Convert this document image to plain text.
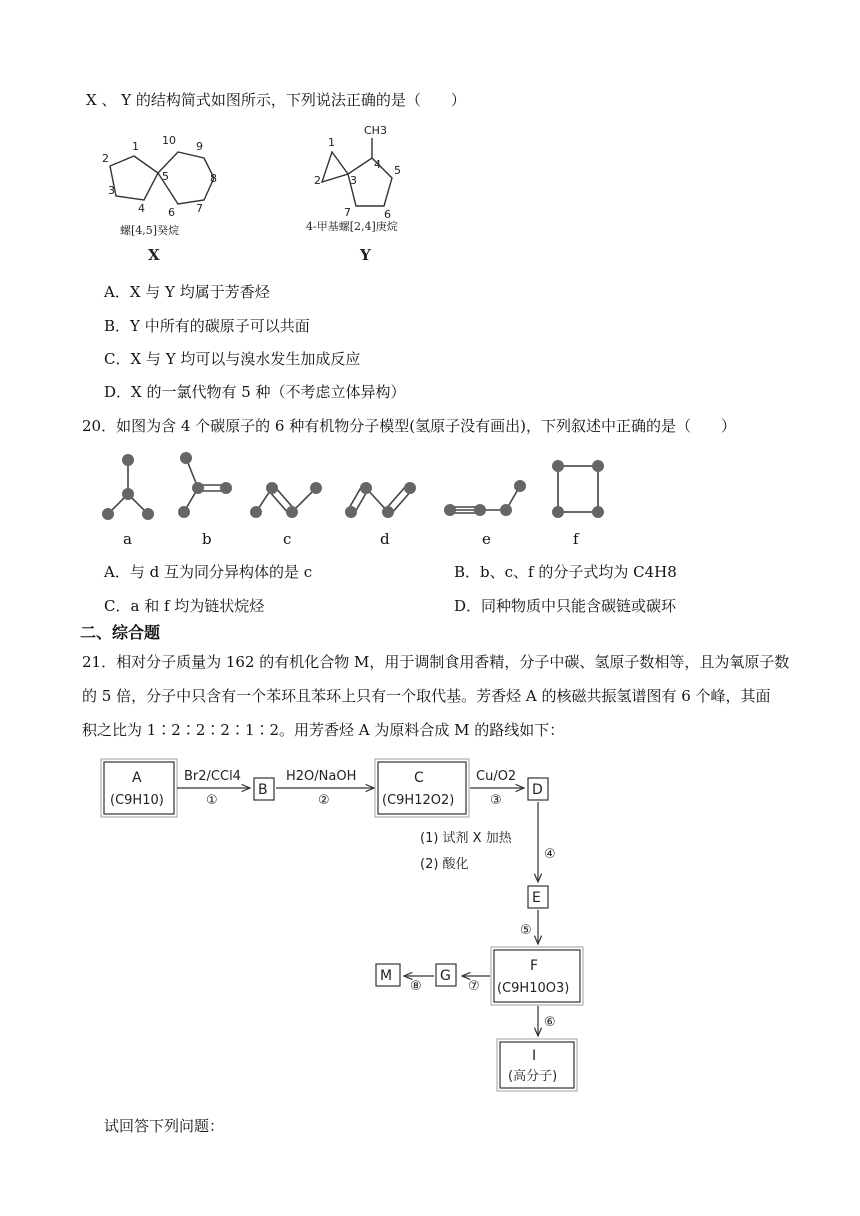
X 、 Y 的结构简式如图所示，下列说法正确的是（　　）
1
2
3
4
5
6 7
8
9
10
螺[4,5]癸烷
X
CH3
1
2	3
4 5
6
7
4-甲基螺[2,4]庚烷
Y
A．X 与 Y 均属于芳香烃
B．Y 中所有的碳原子可以共面
C．X 与 Y 均可以与溴水发生加成反应
D．X 的一氯代物有 5 种（不考虑立体异构）
20．如图为含 4 个碳原子的 6 种有机物分子模型(氢原子没有画出)，下列叙述中正确的是（　　）
a	b	c	d	e	f
A．与 d 互为同分异构体的是 c	B．b、c、f 的分子式均为 C4H8
C．a 和 f 均为链状烷烃	D．同种物质中只能含碳链或碳环
二、综合题
21．相对分子质量为 162 的有机化合物 M，用于调制食用香精，分子中碳、氢原子数相等，且为氧原子数
的 5 倍，分子中只含有一个苯环且苯环上只有一个取代基。芳香烃 A 的核磁共振氢谱图有 6 个峰，其面
积之比为 1∶2∶2∶2∶1∶2。用芳香烃 A 为原料合成 M 的路线如下：
A
(C9H10)
Br2/CCl4
①
B
H2O/NaOH
②
C
(C9H12O2)
Cu/O2
③
D
(1) 试剂 X 加热
(2) 酸化
④
E
⑤
F
(C9H10O3)
⑦
G
⑧
M
⑥
I
(高分子)
试回答下列问题：
